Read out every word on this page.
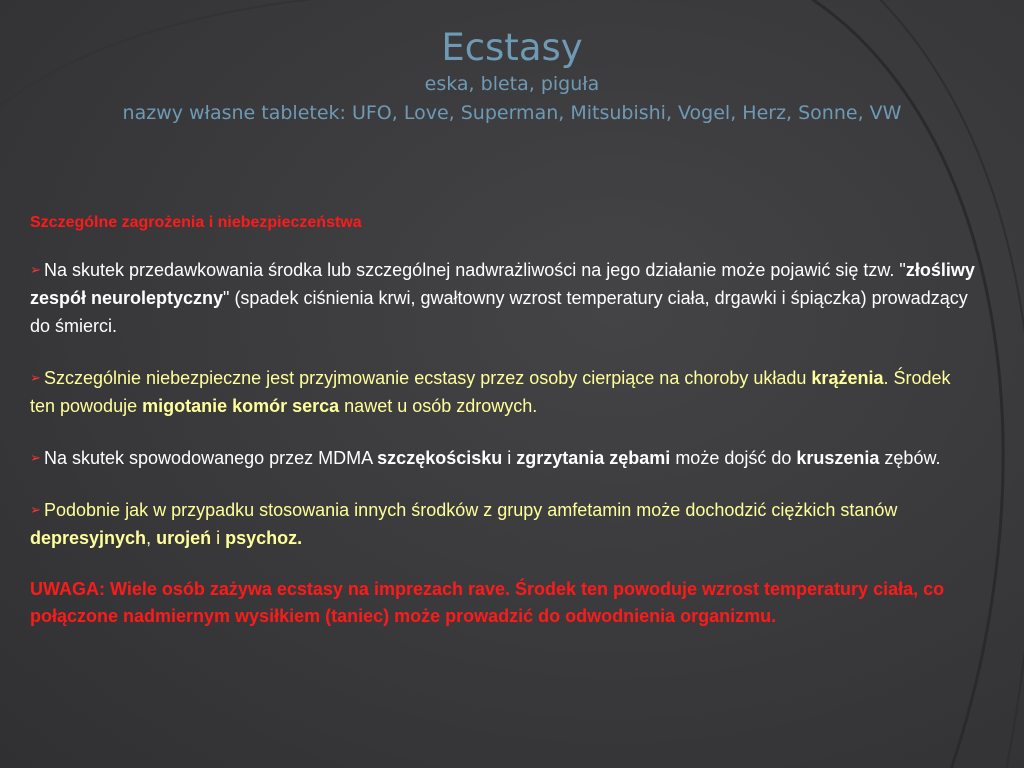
Ecstasy
eska, bleta, piguła
nazwy własne tabletek: UFO, Love, Superman, Mitsubishi, Vogel, Herz, Sonne, VW
Szczególne zagrożenia i niebezpieczeństwa
➢ Na skutek przedawkowania środka lub szczególnej nadwrażliwości na jego działanie może pojawić się tzw. "złośliwy zespół neuroleptyczny" (spadek ciśnienia krwi, gwałtowny wzrost temperatury ciała, drgawki i śpiączka) prowadzący do śmierci.
➢ Szczególnie niebezpieczne jest przyjmowanie ecstasy przez osoby cierpiące na choroby układu krążenia. Środek ten powoduje migotanie komór serca nawet u osób zdrowych.
➢ Na skutek spowodowanego przez MDMA szczękościsku i zgrzytania zębami może dojść do kruszenia zębów.
➢ Podobnie jak w przypadku stosowania innych środków z grupy amfetamin może dochodzić ciężkich stanów depresyjnych, urojeń i psychoz.
UWAGA: Wiele osób zażywa ecstasy na imprezach rave. Środek ten powoduje wzrost temperatury ciała, co połączone nadmiernym wysiłkiem (taniec) może prowadzić do odwodnienia organizmu.
